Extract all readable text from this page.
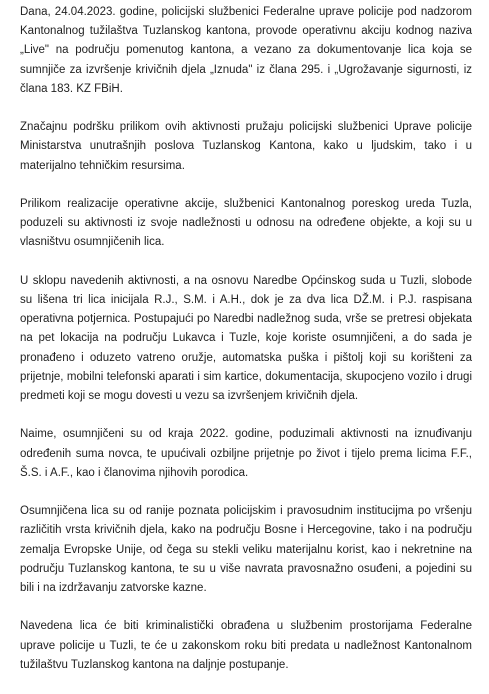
Dana, 24.04.2023. godine, policijski službenici Federalne uprave policije pod nadzorom Kantonalnog tužilaštva Tuzlanskog kantona, provode operativnu akciju kodnog naziva „Live" na području pomenutog kantona, a vezano za dokumentovanje lica koja se sumnjiče za izvršenje krivičnih djela „Iznuda" iz člana 295. i „Ugrožavanje sigurnosti, iz člana 183. KZ FBiH.

Značajnu podršku prilikom ovih aktivnosti pružaju policijski službenici Uprave policije Ministarstva unutrašnjih poslova Tuzlanskog Kantona, kako u ljudskim, tako i u materijalno tehničkim resursima.

Prilikom realizacije operativne akcije, službenici Kantonalnog poreskog ureda Tuzla, poduzeli su aktivnosti iz svoje nadležnosti u odnosu na određene objekte, a koji su u vlasništvu osumnjičenih lica.

U sklopu navedenih aktivnosti, a na osnovu Naredbe Općinskog suda u Tuzli, slobode su lišena tri lica inicijala R.J., S.M. i A.H., dok je za dva lica DŽ.M. i P.J. raspisana operativna potjernica. Postupajući po Naredbi nadležnog suda, vrše se pretresi objekata na pet lokacija na području Lukavca i Tuzle, koje koriste osumnjičeni, a do sada je pronađeno i oduzeto vatreno oružje, automatska puška i pištolj koji su korišteni za prijetnje, mobilni telefonski aparati i sim kartice, dokumentacija, skupocjeno vozilo i drugi predmeti koji se mogu dovesti u vezu sa izvršenjem krivičnih djela.

Naime, osumnjičeni su od kraja 2022. godine, poduzimali aktivnosti na iznuđivanju određenih suma novca, te upućivali ozbiljne prijetnje po život i tijelo prema licima F.F., Š.S. i A.F., kao i članovima njihovih porodica.

Osumnjičena lica su od ranije poznata policijskim i pravosudnim institucijma po vršenju različitih vrsta krivičnih djela, kako na području Bosne i Hercegovine, tako i na području zemalja Evropske Unije, od čega su stekli veliku materijalnu korist, kao i nekretnine na području Tuzlanskog kantona, te su u više navrata pravosnažno osuđeni, a pojedini su bili i na izdržavanju zatvorske kazne.

Navedena lica će biti kriminalistički obrađena u službenim prostorijama Federalne uprave policije u Tuzli, te će u zakonskom roku biti predata u nadležnost Kantonalnom tužilaštvu Tuzlanskog kantona na daljnje postupanje.
